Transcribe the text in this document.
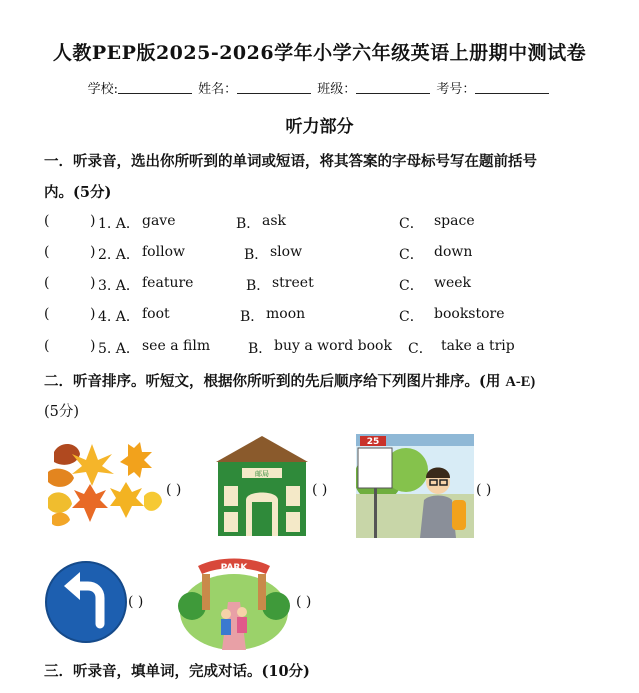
人教PEP版2025-2026学年小学六年级英语上册期中测试卷
学校:	姓名：	班级：	考号：
听力部分
一．听录音，选出你所听到的单词或短语，将其答案的字母标号写在题前括号
内。(5分)
(	) 1. A． gave	B． ask	C． space
(	) 2. A． follow	B． slow	C． down
(	) 3. A． feature	B． street	C． week
(	) 4. A． foot	B． moon	C． bookstore
(	) 5. A． see a film	B． buy a word book C． take a trip
二．听音排序。听短文，根据你所听到的先后顺序给下列图片排序。(用 A-E)
(5分)
( )
邮局
( )
25
( )
( )
PARK
( )
三．听录音，填单词，完成对话。(10分)
